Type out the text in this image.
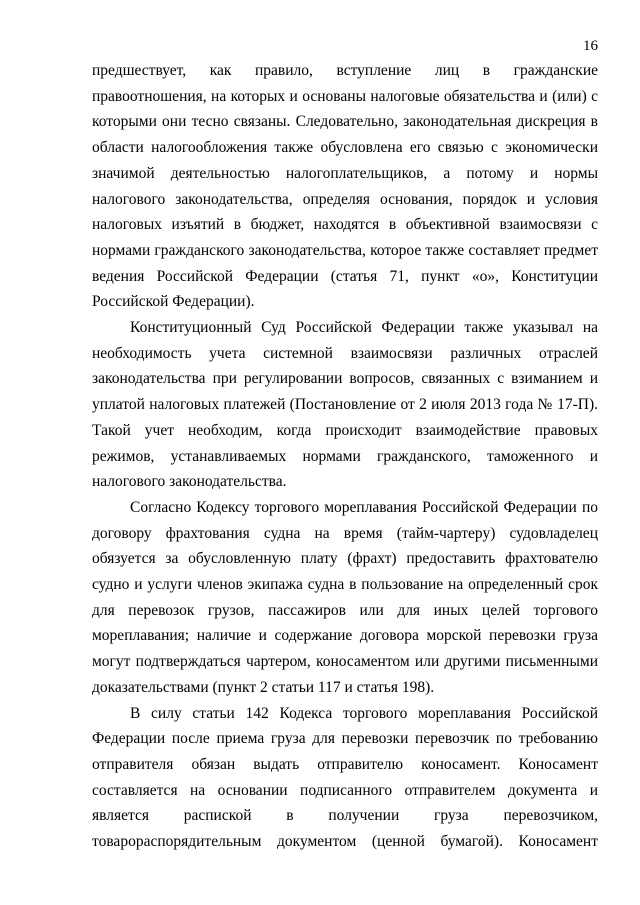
16

предшествует, как правило, вступление лиц в гражданские правоотношения, на которых и основаны налоговые обязательства и (или) с которыми они тесно связаны. Следовательно, законодательная дискреция в области налогообложения также обусловлена его связью с экономически значимой деятельностью налогоплательщиков, а потому и нормы налогового законодательства, определяя основания, порядок и условия налоговых изъятий в бюджет, находятся в объективной взаимосвязи с нормами гражданского законодательства, которое также составляет предмет ведения Российской Федерации (статья 71, пункт «о», Конституции Российской Федерации).

Конституционный Суд Российской Федерации также указывал на необходимость учета системной взаимосвязи различных отраслей законодательства при регулировании вопросов, связанных с взиманием и уплатой налоговых платежей (Постановление от 2 июля 2013 года № 17-П). Такой учет необходим, когда происходит взаимодействие правовых режимов, устанавливаемых нормами гражданского, таможенного и налогового законодательства.

Согласно Кодексу торгового мореплавания Российской Федерации по договору фрахтования судна на время (тайм-чартеру) судовладелец обязуется за обусловленную плату (фрахт) предоставить фрахтователю судно и услуги членов экипажа судна в пользование на определенный срок для перевозок грузов, пассажиров или для иных целей торгового мореплавания; наличие и содержание договора морской перевозки груза могут подтверждаться чартером, коносаментом или другими письменными доказательствами (пункт 2 статьи 117 и статья 198).

В силу статьи 142 Кодекса торгового мореплавания Российской Федерации после приема груза для перевозки перевозчик по требованию отправителя обязан выдать отправителю коносамент. Коносамент составляется на основании подписанного отправителем документа и является распиской в получении груза перевозчиком, товарораспорядительным документом (ценной бумагой). Коносамент
